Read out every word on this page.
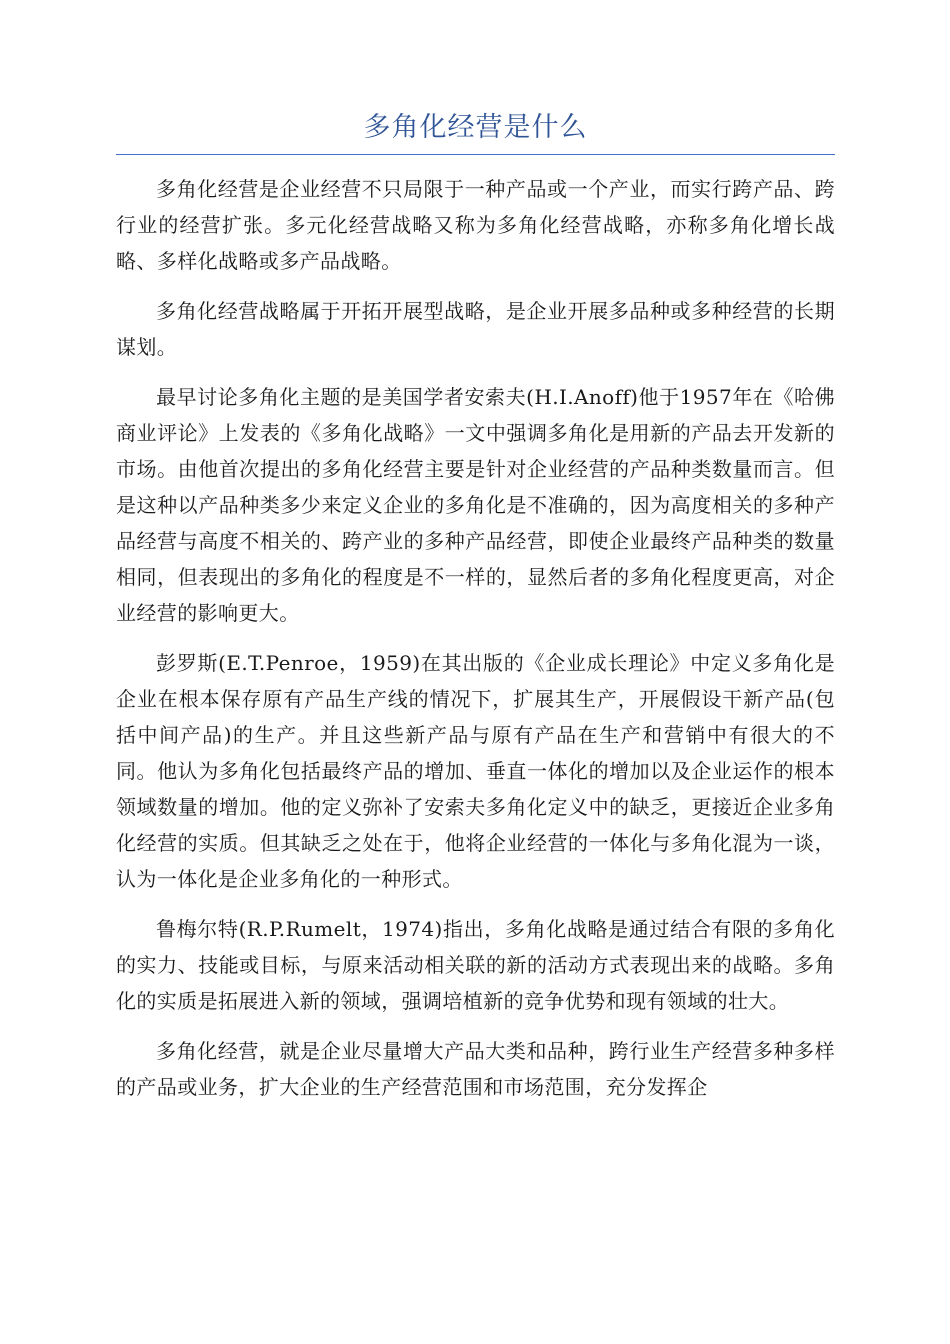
多角化经营是什么

多角化经营是企业经营不只局限于一种产品或一个产业，而实行跨产品、跨行业的经营扩张。多元化经营战略又称为多角化经营战略，亦称多角化增长战略、多样化战略或多产品战略。

多角化经营战略属于开拓开展型战略，是企业开展多品种或多种经营的长期谋划。

最早讨论多角化主题的是美国学者安索夫(H.I.Anoff)他于1957年在《哈佛商业评论》上发表的《多角化战略》一文中强调多角化是用新的产品去开发新的市场。由他首次提出的多角化经营主要是针对企业经营的产品种类数量而言。但是这种以产品种类多少来定义企业的多角化是不准确的，因为高度相关的多种产品经营与高度不相关的、跨产业的多种产品经营，即使企业最终产品种类的数量相同，但表现出的多角化的程度是不一样的，显然后者的多角化程度更高，对企业经营的影响更大。

彭罗斯(E.T.Penroe，1959)在其出版的《企业成长理论》中定义多角化是企业在根本保存原有产品生产线的情况下，扩展其生产，开展假设干新产品(包括中间产品)的生产。并且这些新产品与原有产品在生产和营销中有很大的不同。他认为多角化包括最终产品的增加、垂直一体化的增加以及企业运作的根本领域数量的增加。他的定义弥补了安索夫多角化定义中的缺乏，更接近企业多角化经营的实质。但其缺乏之处在于，他将企业经营的一体化与多角化混为一谈，认为一体化是企业多角化的一种形式。

鲁梅尔特(R.P.Rumelt，1974)指出，多角化战略是通过结合有限的多角化的实力、技能或目标，与原来活动相关联的新的活动方式表现出来的战略。多角化的实质是拓展进入新的领域，强调培植新的竞争优势和现有领域的壮大。

多角化经营，就是企业尽量增大产品大类和品种，跨行业生产经营多种多样的产品或业务，扩大企业的生产经营范围和市场范围，充分发挥企
